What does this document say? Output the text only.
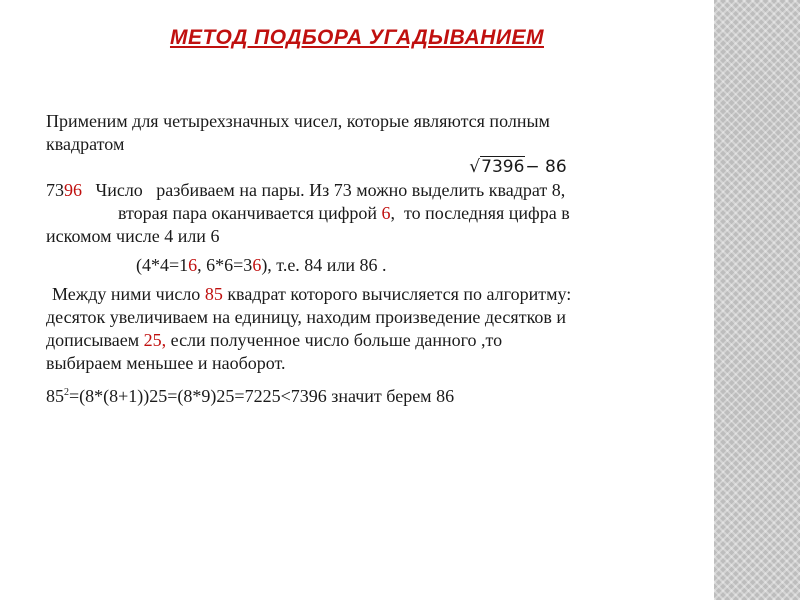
МЕТОД ПОДБОРА УГАДЫВАНИЕМ

Применим для четырехзначных чисел, которые являются полным

квадратом

√7396− 86

7396   Число   разбиваем на пары. Из 73 можно выделить квадрат 8,

вторая пара оканчивается цифрой 6,  то последняя цифра в

искомом числе 4 или 6

(4*4=16, 6*6=36), т.е. 84 или 86 .

Между ними число 85 квадрат которого вычисляется по алгоритму:

десяток увеличиваем на единицу, находим произведение десятков и

дописываем 25, если полученное число больше данного ,то

выбираем меньшее и наоборот.

$85^2=(8*(8+1))25=(8*9)25=7225<7396$ значит берем 86
